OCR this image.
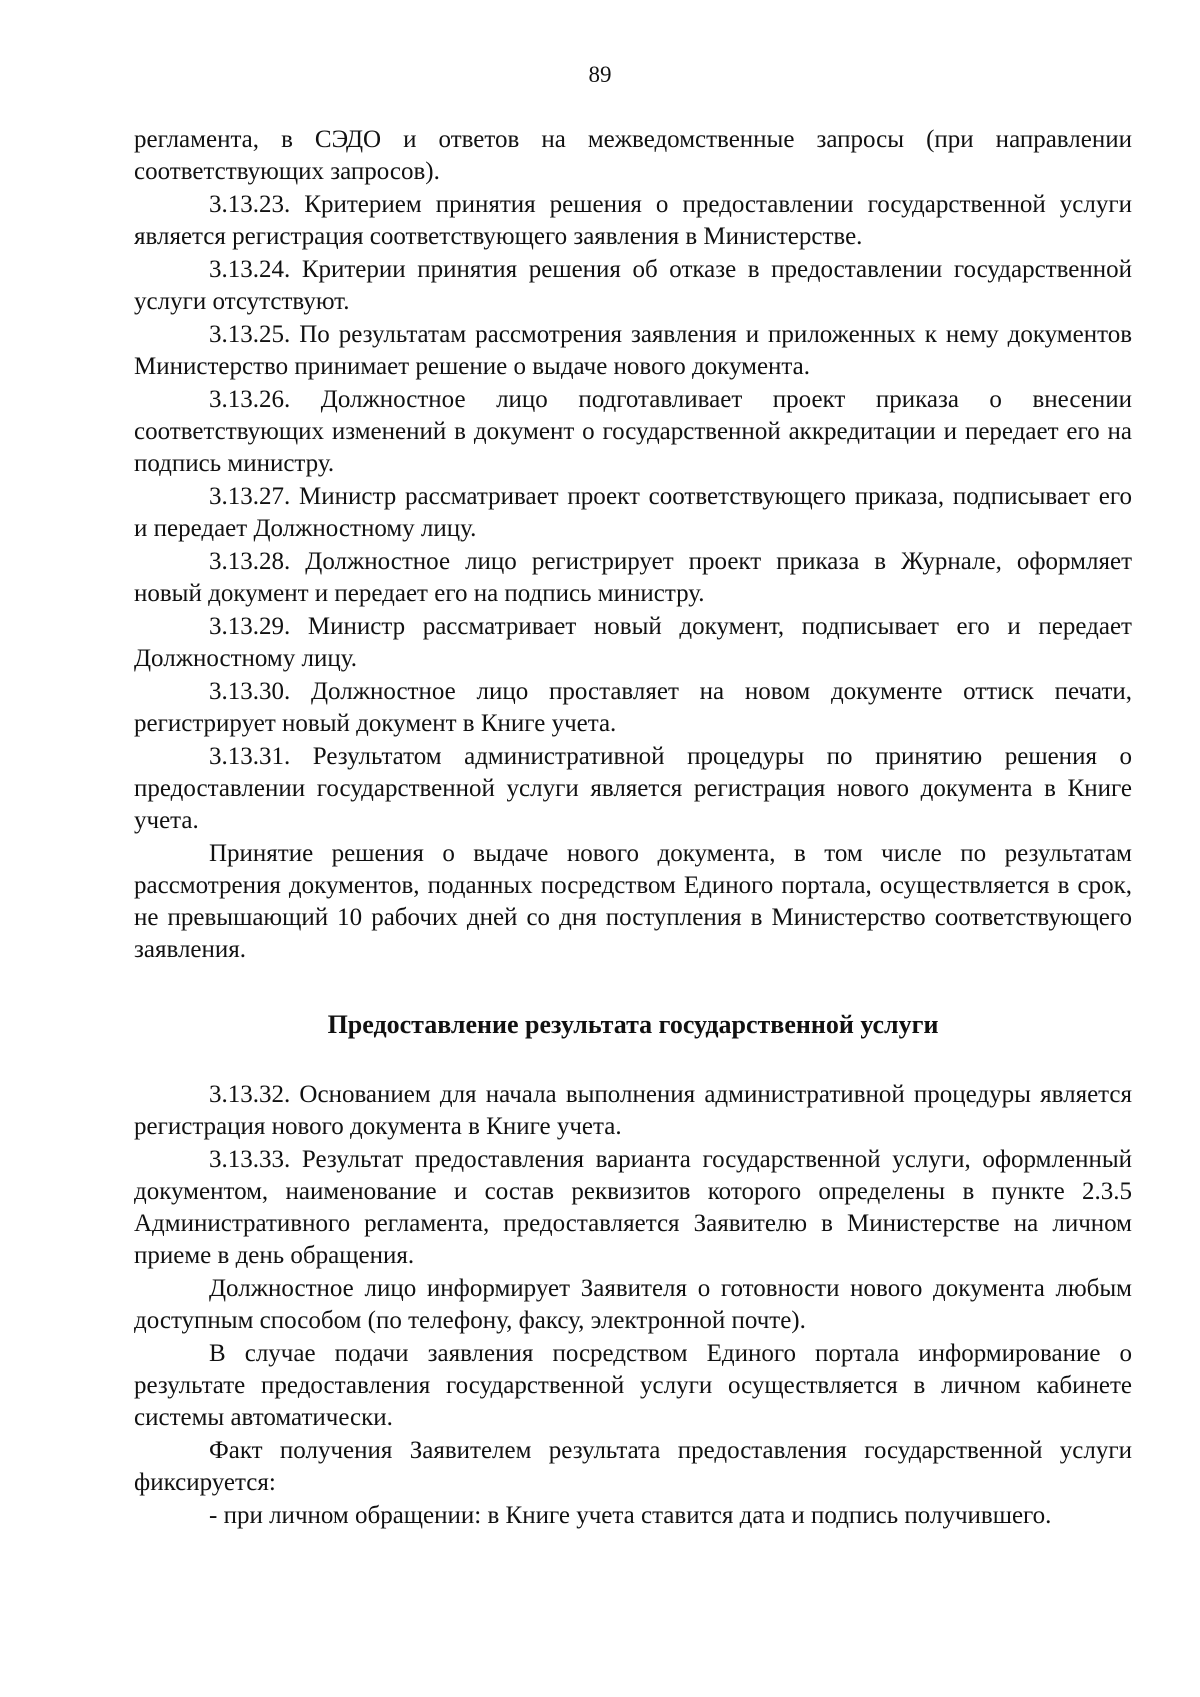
89

регламента, в СЭДО и ответов на межведомственные запросы (при направлении соответствующих запросов).

3.13.23. Критерием принятия решения о предоставлении государственной услуги является регистрация соответствующего заявления в Министерстве.

3.13.24. Критерии принятия решения об отказе в предоставлении государственной услуги отсутствуют.

3.13.25. По результатам рассмотрения заявления и приложенных к нему документов Министерство принимает решение о выдаче нового документа.

3.13.26. Должностное лицо подготавливает проект приказа о внесении соответствующих изменений в документ о государственной аккредитации и передает его на подпись министру.

3.13.27. Министр рассматривает проект соответствующего приказа, подписывает его и передает Должностному лицу.

3.13.28. Должностное лицо регистрирует проект приказа в Журнале, оформляет новый документ и передает его на подпись министру.

3.13.29. Министр рассматривает новый документ, подписывает его и передает Должностному лицу.

3.13.30. Должностное лицо проставляет на новом документе оттиск печати, регистрирует новый документ в Книге учета.

3.13.31. Результатом административной процедуры по принятию решения о предоставлении государственной услуги является регистрация нового документа в Книге учета.

Принятие решения о выдаче нового документа, в том числе по результатам рассмотрения документов, поданных посредством Единого портала, осуществляется в срок, не превышающий 10 рабочих дней со дня поступления в Министерство соответствующего заявления.

Предоставление результата государственной услуги

3.13.32. Основанием для начала выполнения административной процедуры является регистрация нового документа в Книге учета.

3.13.33. Результат предоставления варианта государственной услуги, оформленный документом, наименование и состав реквизитов которого определены в пункте 2.3.5 Административного регламента, предоставляется Заявителю в Министерстве на личном приеме в день обращения.

Должностное лицо информирует Заявителя о готовности нового документа любым доступным способом (по телефону, факсу, электронной почте).

В случае подачи заявления посредством Единого портала информирование о результате предоставления государственной услуги осуществляется в личном кабинете системы автоматически.

Факт получения Заявителем результата предоставления государственной услуги фиксируется:

- при личном обращении: в Книге учета ставится дата и подпись получившего.
